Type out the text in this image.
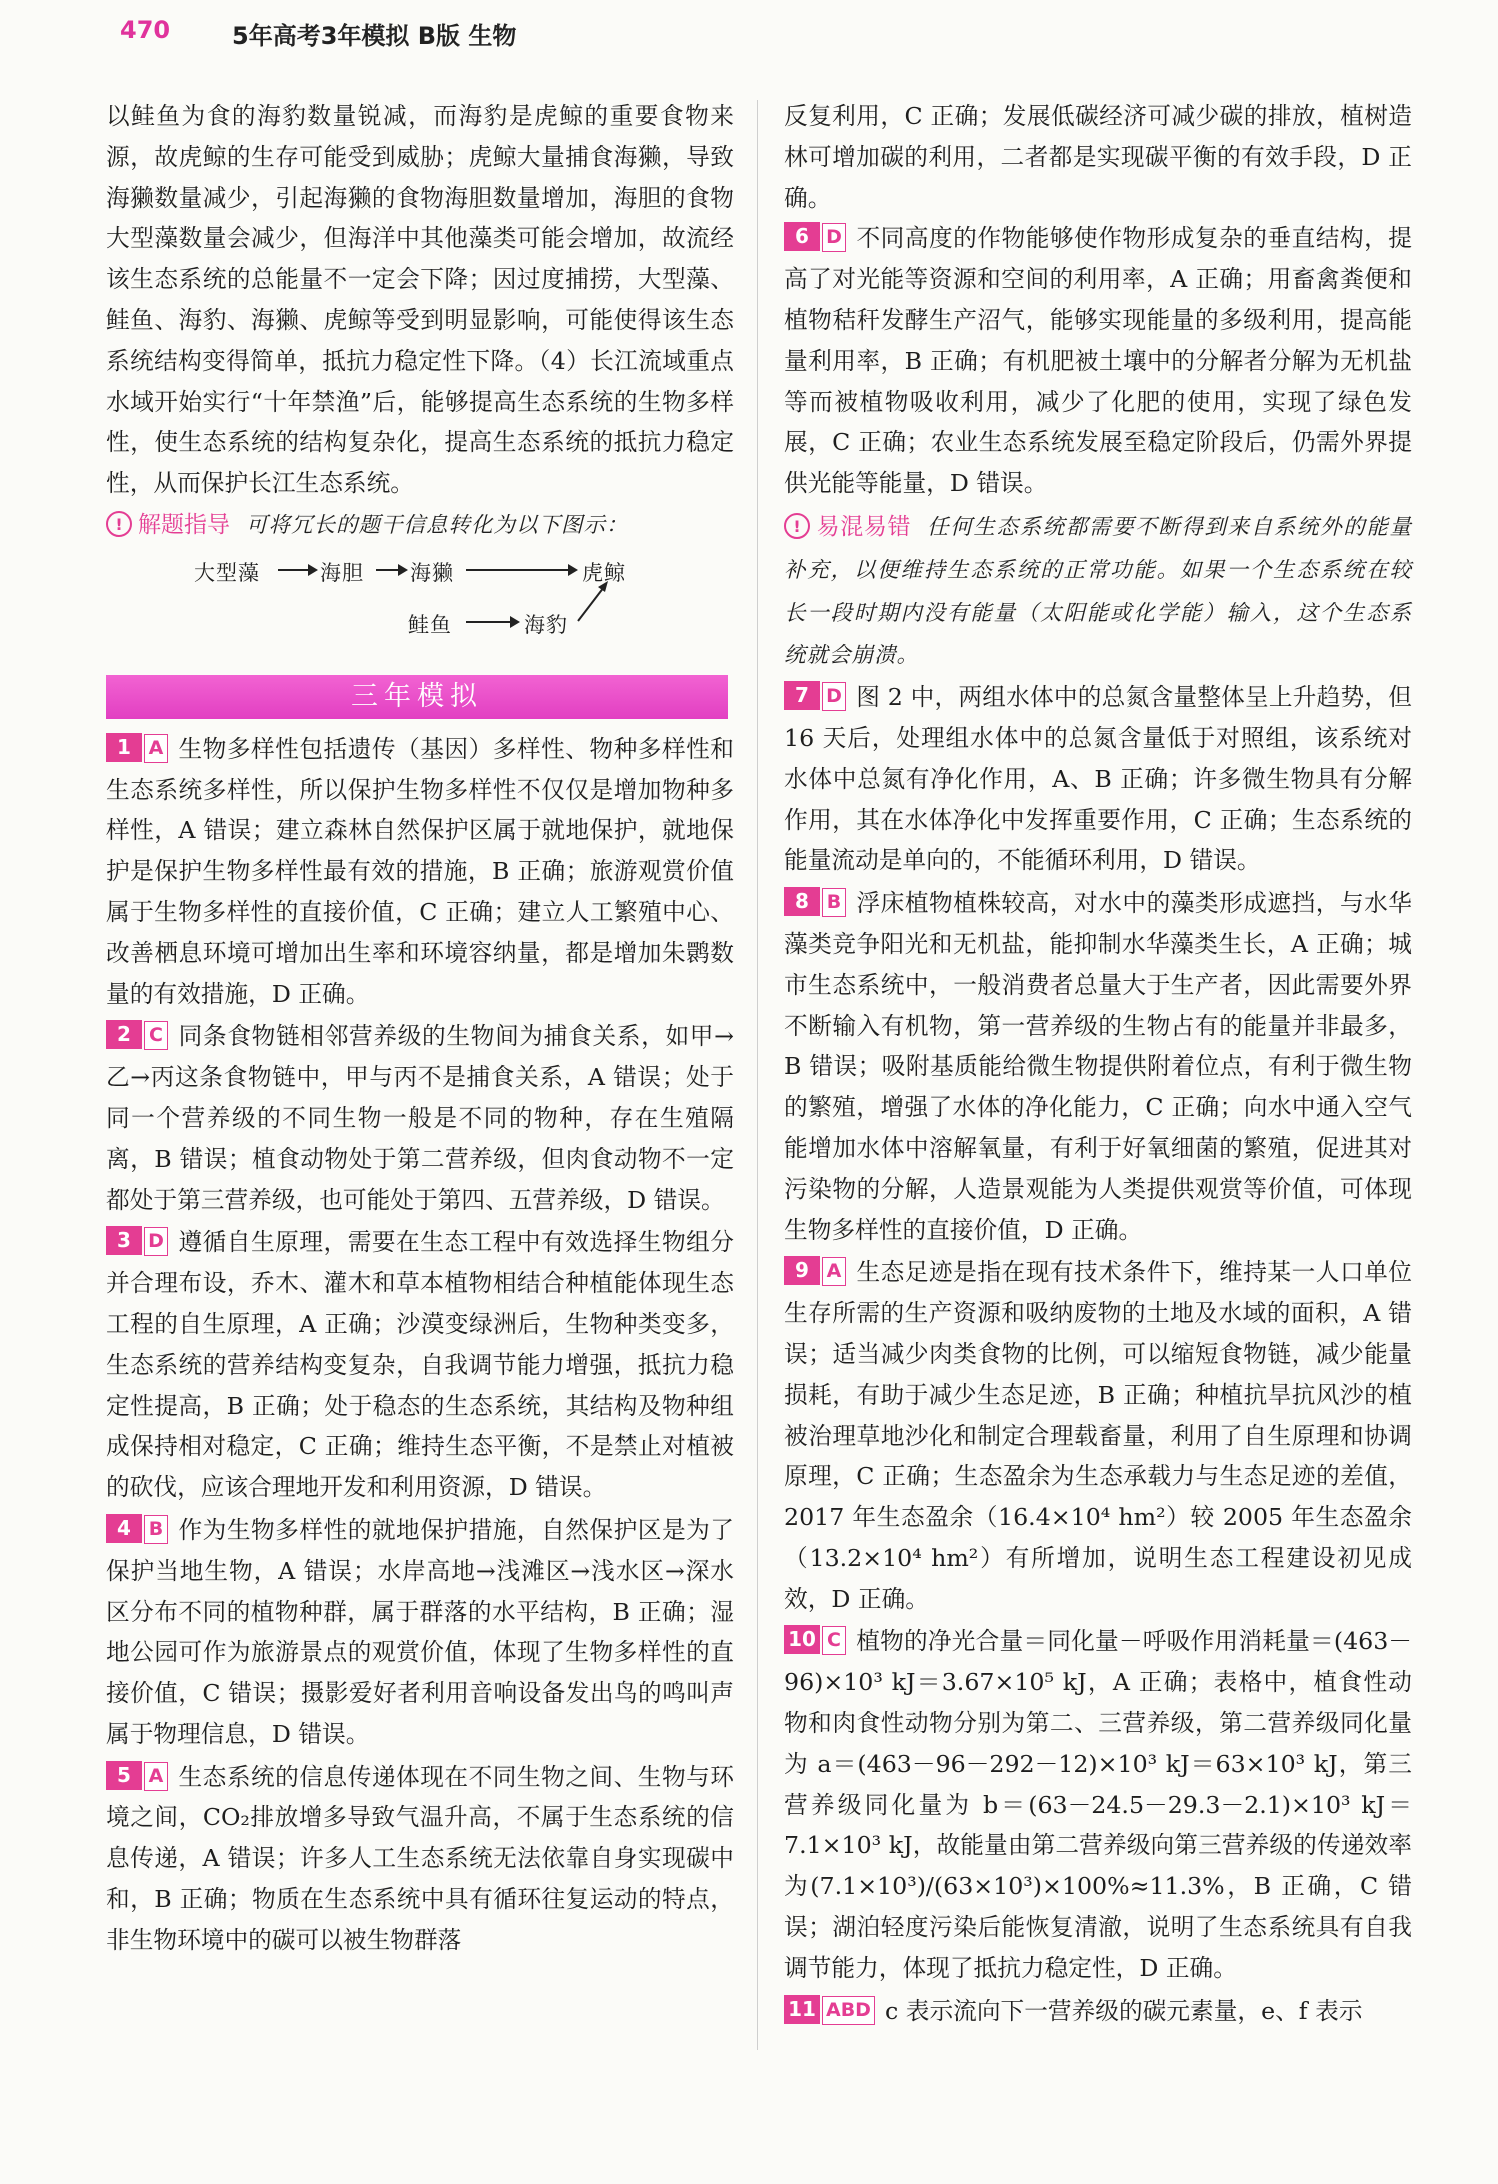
470	5年高考3年模拟 B版 生物
以鲑鱼为食的海豹数量锐减，而海豹是虎鲸的重要食物来源，故虎鲸的生存可能受到威胁；虎鲸大量捕食海獭，导致海獭数量减少，引起海獭的食物海胆数量增加，海胆的食物大型藻数量会减少，但海洋中其他藻类可能会增加，故流经该生态系统的总能量不一定会下降；因过度捕捞，大型藻、鲑鱼、海豹、海獭、虎鲸等受到明显影响，可能使得该生态系统结构变得简单，抵抗力稳定性下降。（4）长江流域重点水域开始实行“十年禁渔”后，能够提高生态系统的生物多样性，使生态系统的结构复杂化，提高生态系统的抵抗力稳定性，从而保护长江生态系统。
! 解题指导 可将冗长的题干信息转化为以下图示：
大型藻	海胆 海獭	虎鲸
鲑鱼	海豹
三年模拟
1 A 生物多样性包括遗传（基因）多样性、物种多样性和生态系统多样性，所以保护生物多样性不仅仅是增加物种多样性，A 错误；建立森林自然保护区属于就地保护，就地保护是保护生物多样性最有效的措施，B 正确；旅游观赏价值属于生物多样性的直接价值，C 正确；建立人工繁殖中心、改善栖息环境可增加出生率和环境容纳量，都是增加朱鹮数量的有效措施，D 正确。
2 C 同条食物链相邻营养级的生物间为捕食关系，如甲→乙→丙这条食物链中，甲与丙不是捕食关系，A 错误；处于同一个营养级的不同生物一般是不同的物种，存在生殖隔离，B 错误；植食动物处于第二营养级，但肉食动物不一定都处于第三营养级，也可能处于第四、五营养级，D 错误。
3 D 遵循自生原理，需要在生态工程中有效选择生物组分并合理布设，乔木、灌木和草本植物相结合种植能体现生态工程的自生原理，A 正确；沙漠变绿洲后，生物种类变多，生态系统的营养结构变复杂，自我调节能力增强，抵抗力稳定性提高，B 正确；处于稳态的生态系统，其结构及物种组成保持相对稳定，C 正确；维持生态平衡，不是禁止对植被的砍伐，应该合理地开发和利用资源，D 错误。
4 B 作为生物多样性的就地保护措施，自然保护区是为了保护当地生物，A 错误；水岸高地→浅滩区→浅水区→深水区分布不同的植物种群，属于群落的水平结构，B 正确；湿地公园可作为旅游景点的观赏价值，体现了生物多样性的直接价值，C 错误；摄影爱好者利用音响设备发出鸟的鸣叫声属于物理信息，D 错误。
5 A 生态系统的信息传递体现在不同生物之间、生物与环境之间，CO₂排放增多导致气温升高，不属于生态系统的信息传递，A 错误；许多人工生态系统无法依靠自身实现碳中和，B 正确；物质在生态系统中具有循环往复运动的特点，非生物环境中的碳可以被生物群落
反复利用，C 正确；发展低碳经济可减少碳的排放，植树造林可增加碳的利用，二者都是实现碳平衡的有效手段，D 正确。
6 D 不同高度的作物能够使作物形成复杂的垂直结构，提高了对光能等资源和空间的利用率，A 正确；用畜禽粪便和植物秸秆发酵生产沼气，能够实现能量的多级利用，提高能量利用率，B 正确；有机肥被土壤中的分解者分解为无机盐等而被植物吸收利用，减少了化肥的使用，实现了绿色发展，C 正确；农业生态系统发展至稳定阶段后，仍需外界提供光能等能量，D 错误。
! 易混易错 任何生态系统都需要不断得到来自系统外的能量补充，以便维持生态系统的正常功能。如果一个生态系统在较长一段时期内没有能量（太阳能或化学能）输入，这个生态系统就会崩溃。
7 D 图 2 中，两组水体中的总氮含量整体呈上升趋势，但 16 天后，处理组水体中的总氮含量低于对照组，该系统对水体中总氮有净化作用，A、B 正确；许多微生物具有分解作用，其在水体净化中发挥重要作用，C 正确；生态系统的能量流动是单向的，不能循环利用，D 错误。
8 B 浮床植物植株较高，对水中的藻类形成遮挡，与水华藻类竞争阳光和无机盐，能抑制水华藻类生长，A 正确；城市生态系统中，一般消费者总量大于生产者，因此需要外界不断输入有机物，第一营养级的生物占有的能量并非最多，B 错误；吸附基质能给微生物提供附着位点，有利于微生物的繁殖，增强了水体的净化能力，C 正确；向水中通入空气能增加水体中溶解氧量，有利于好氧细菌的繁殖，促进其对污染物的分解，人造景观能为人类提供观赏等价值，可体现生物多样性的直接价值，D 正确。
9 A 生态足迹是指在现有技术条件下，维持某一人口单位生存所需的生产资源和吸纳废物的土地及水域的面积，A 错误；适当减少肉类食物的比例，可以缩短食物链，减少能量损耗，有助于减少生态足迹，B 正确；种植抗旱抗风沙的植被治理草地沙化和制定合理载畜量，利用了自生原理和协调原理，C 正确；生态盈余为生态承载力与生态足迹的差值，2017 年生态盈余（16.4×10⁴ hm²）较 2005 年生态盈余（13.2×10⁴ hm²）有所增加，说明生态工程建设初见成效，D 正确。
10 C 植物的净光合量＝同化量－呼吸作用消耗量＝(463－96)×10³ kJ＝3.67×10⁵ kJ，A 正确；表格中，植食性动物和肉食性动物分别为第二、三营养级，第二营养级同化量为 a＝(463－96－292－12)×10³ kJ＝63×10³ kJ，第三营养级同化量为 b＝(63－24.5－29.3－2.1)×10³ kJ＝7.1×10³ kJ，故能量由第二营养级向第三营养级的传递效率为(7.1×10³)/(63×10³)×100%≈11.3%，B 正确，C 错误；湖泊轻度污染后能恢复清澈，说明了生态系统具有自我调节能力，体现了抵抗力稳定性，D 正确。
11 ABD c 表示流向下一营养级的碳元素量，e、f 表示
